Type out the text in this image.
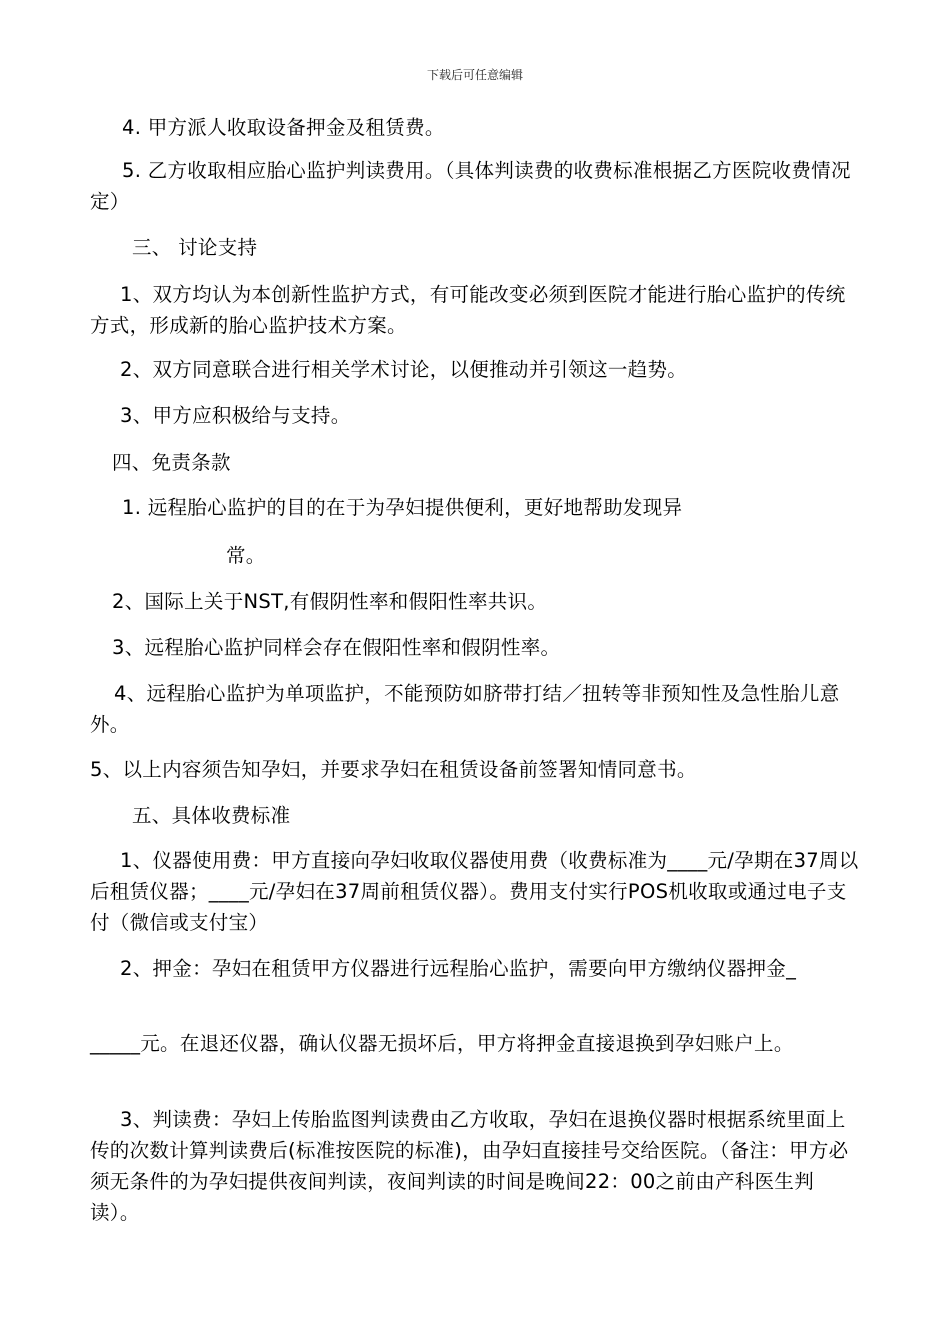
下载后可任意编辑
4. 甲方派人收取设备押金及租赁费。
5. 乙方收取相应胎心监护判读费用。（具体判读费的收费标准根据乙方医院收费情况定）
三、 讨论支持
1、双方均认为本创新性监护方式，有可能改变必须到医院才能进行胎心监护的传统方式，形成新的胎心监护技术方案。
2、双方同意联合进行相关学术讨论，以便推动并引领这一趋势。
3、甲方应积极给与支持。
四、免责条款
1. 远程胎心监护的目的在于为孕妇提供便利，更好地帮助发现异
常。
2、国际上关于NST,有假阴性率和假阳性率共识。
3、远程胎心监护同样会存在假阳性率和假阴性率。
4、远程胎心监护为单项监护，不能预防如脐带打结／扭转等非预知性及急性胎儿意外。
5、以上内容须告知孕妇，并要求孕妇在租赁设备前签署知情同意书。
五、具体收费标准
1、仪器使用费：甲方直接向孕妇收取仪器使用费（收费标准为____元/孕期在37周以后租赁仪器；____元/孕妇在37周前租赁仪器）。费用支付实行POS机收取或通过电子支付（微信或支付宝）
2、押金：孕妇在租赁甲方仪器进行远程胎心监护，需要向甲方缴纳仪器押金_
_____元。在退还仪器，确认仪器无损坏后，甲方将押金直接退换到孕妇账户上。
3、判读费：孕妇上传胎监图判读费由乙方收取，孕妇在退换仪器时根据系统里面上传的次数计算判读费后(标准按医院的标准)，由孕妇直接挂号交给医院。（备注：甲方必须无条件的为孕妇提供夜间判读，夜间判读的时间是晚间22：00之前由产科医生判读）。
